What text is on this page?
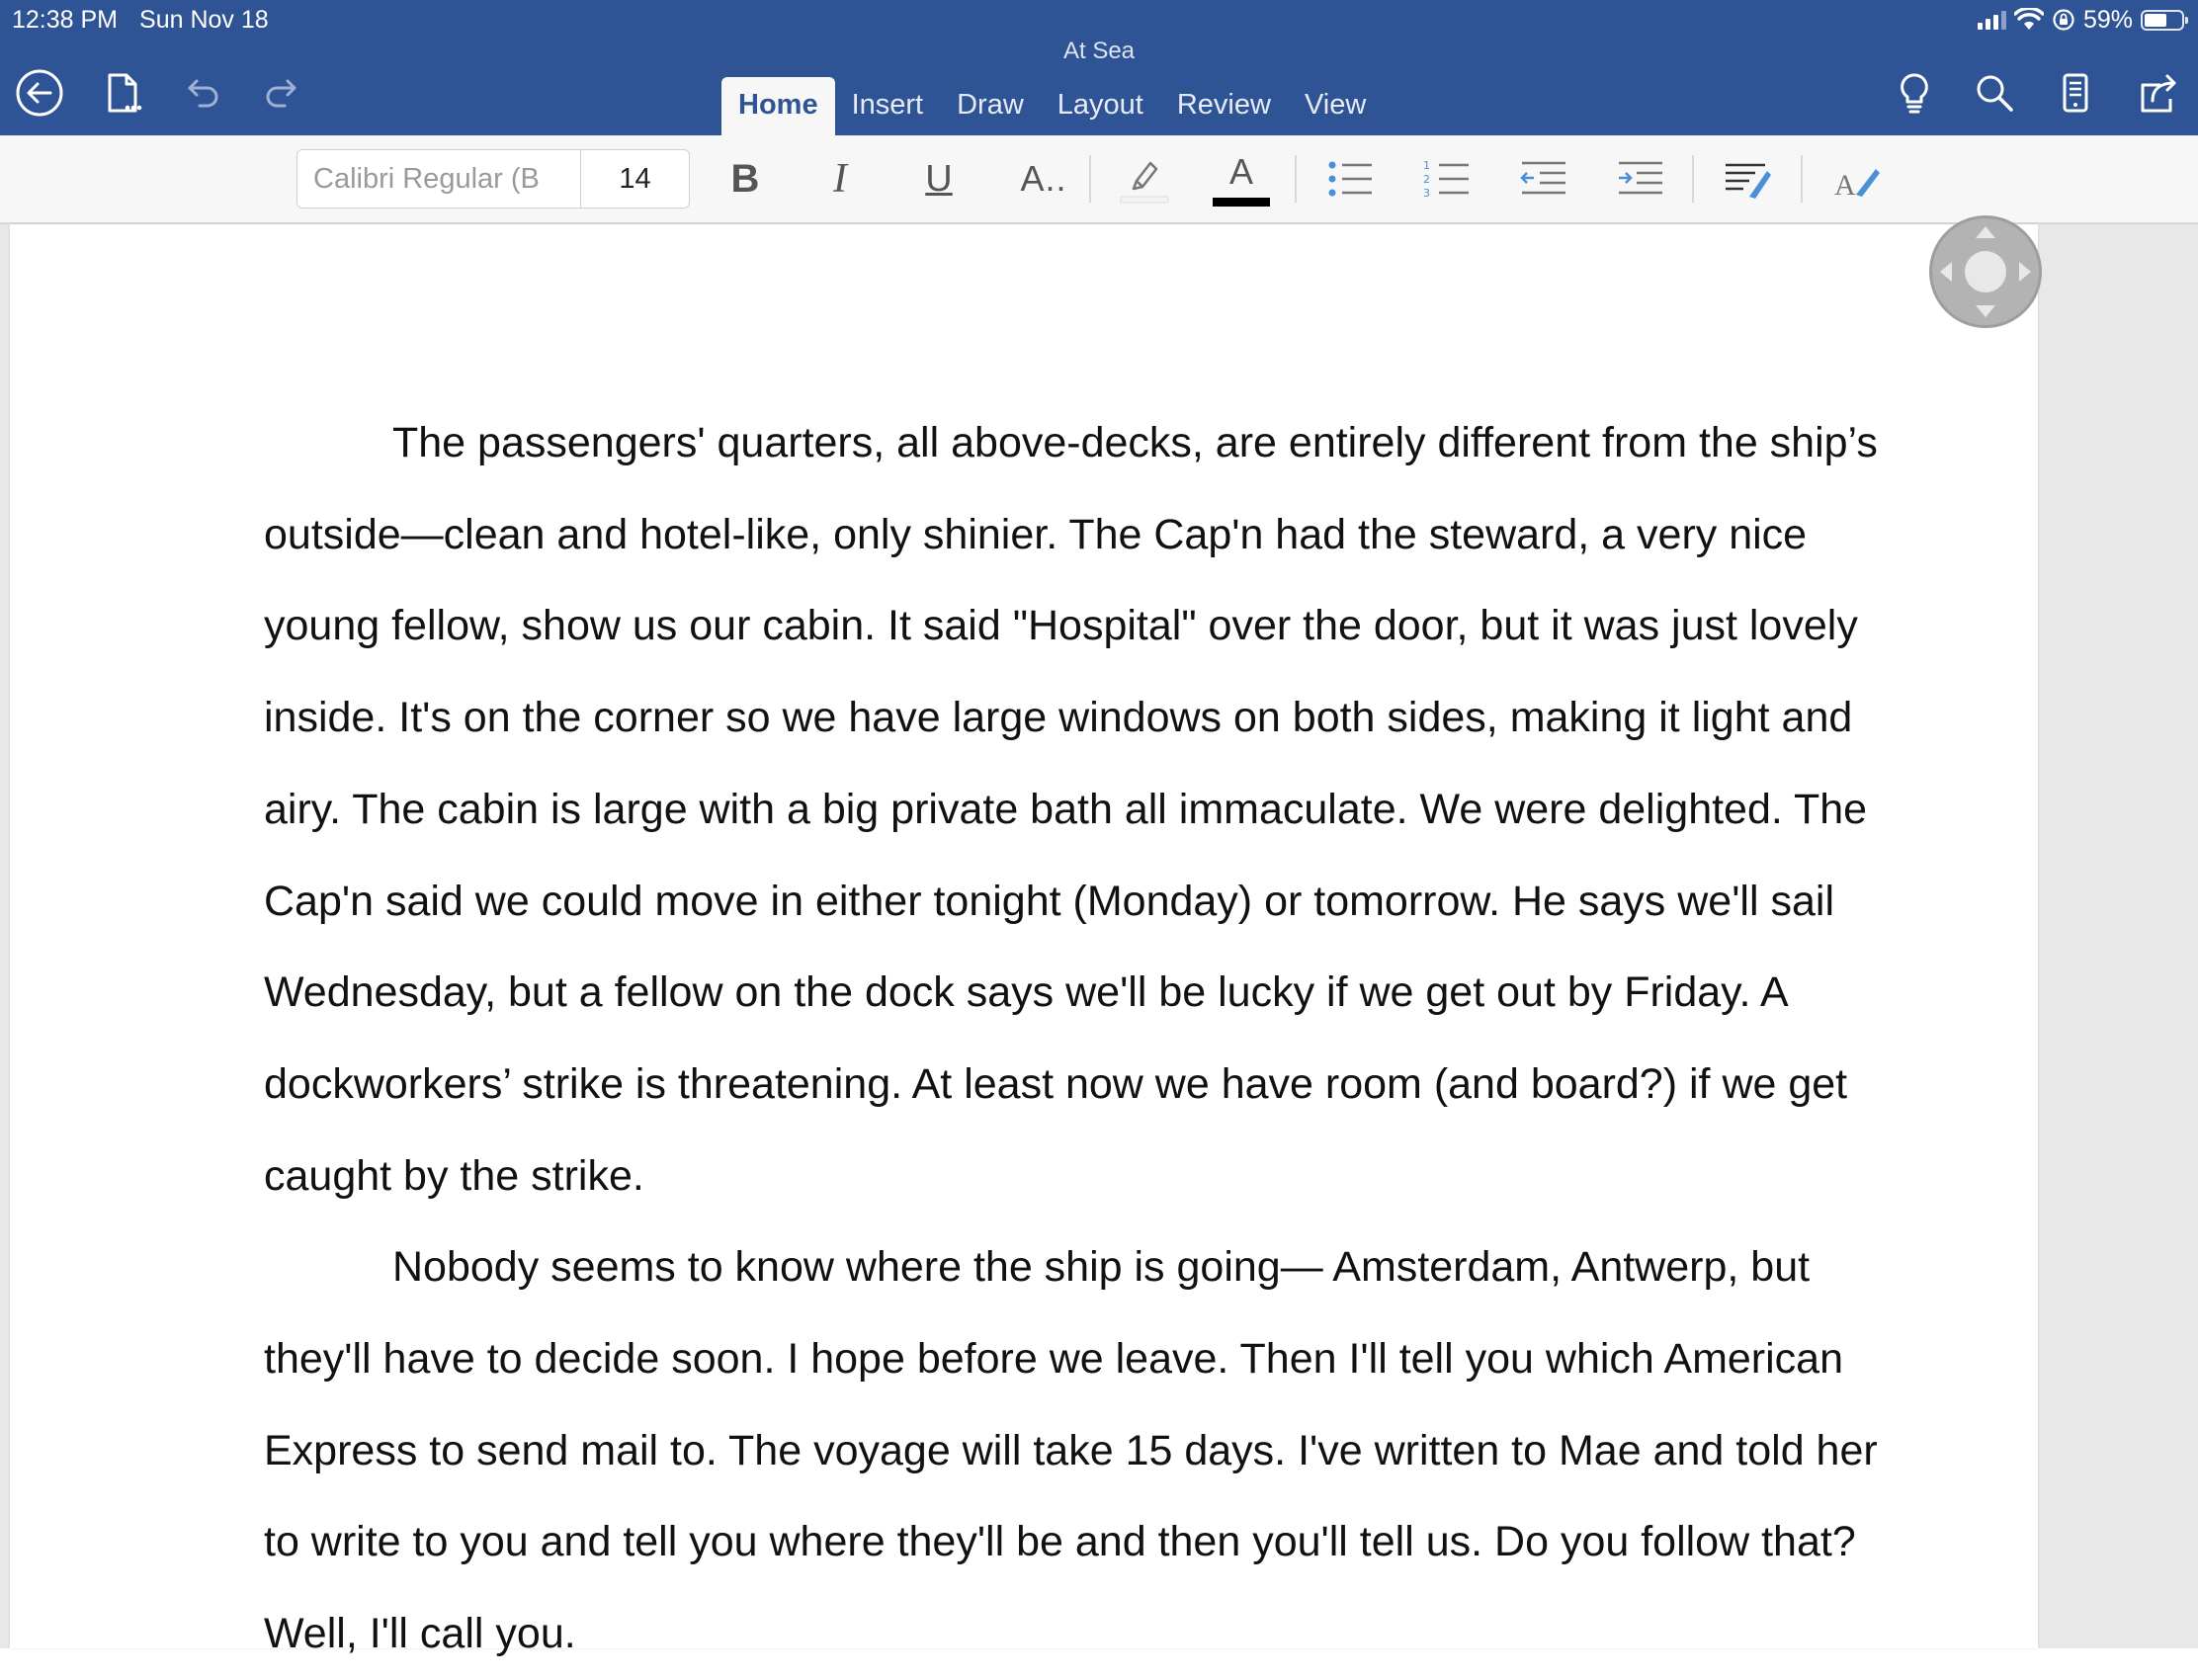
12:38 PM Sun Nov 18	59%
At Sea
Home	Insert	Draw	Layout	Review	View
Calibri Regular (B	14	B I U A..	A	1
2
3	A

The passengers' quarters, all above-decks, are entirely different from the ship’s outside—clean and hotel-like, only shinier. The Cap'n had the steward, a very nice young fellow, show us our cabin. It said "Hospital" over the door, but it was just lovely inside. It's on the corner so we have large windows on both sides, making it light and airy. The cabin is large with a big private bath all immaculate. We were delighted. The Cap'n said we could move in either tonight (Monday) or tomorrow. He says we'll sail Wednesday, but a fellow on the dock says we'll be lucky if we get out by Friday. A dockworkers’ strike is threatening. At least now we have room (and board?) if we get caught by the strike.

Nobody seems to know where the ship is going— Amsterdam, Antwerp, but they'll have to decide soon. I hope before we leave. Then I'll tell you which American Express to send mail to. The voyage will take 15 days. I've written to Mae and told her to write to you and tell you where they'll be and then you'll tell us. Do you follow that? Well, I'll call you.
